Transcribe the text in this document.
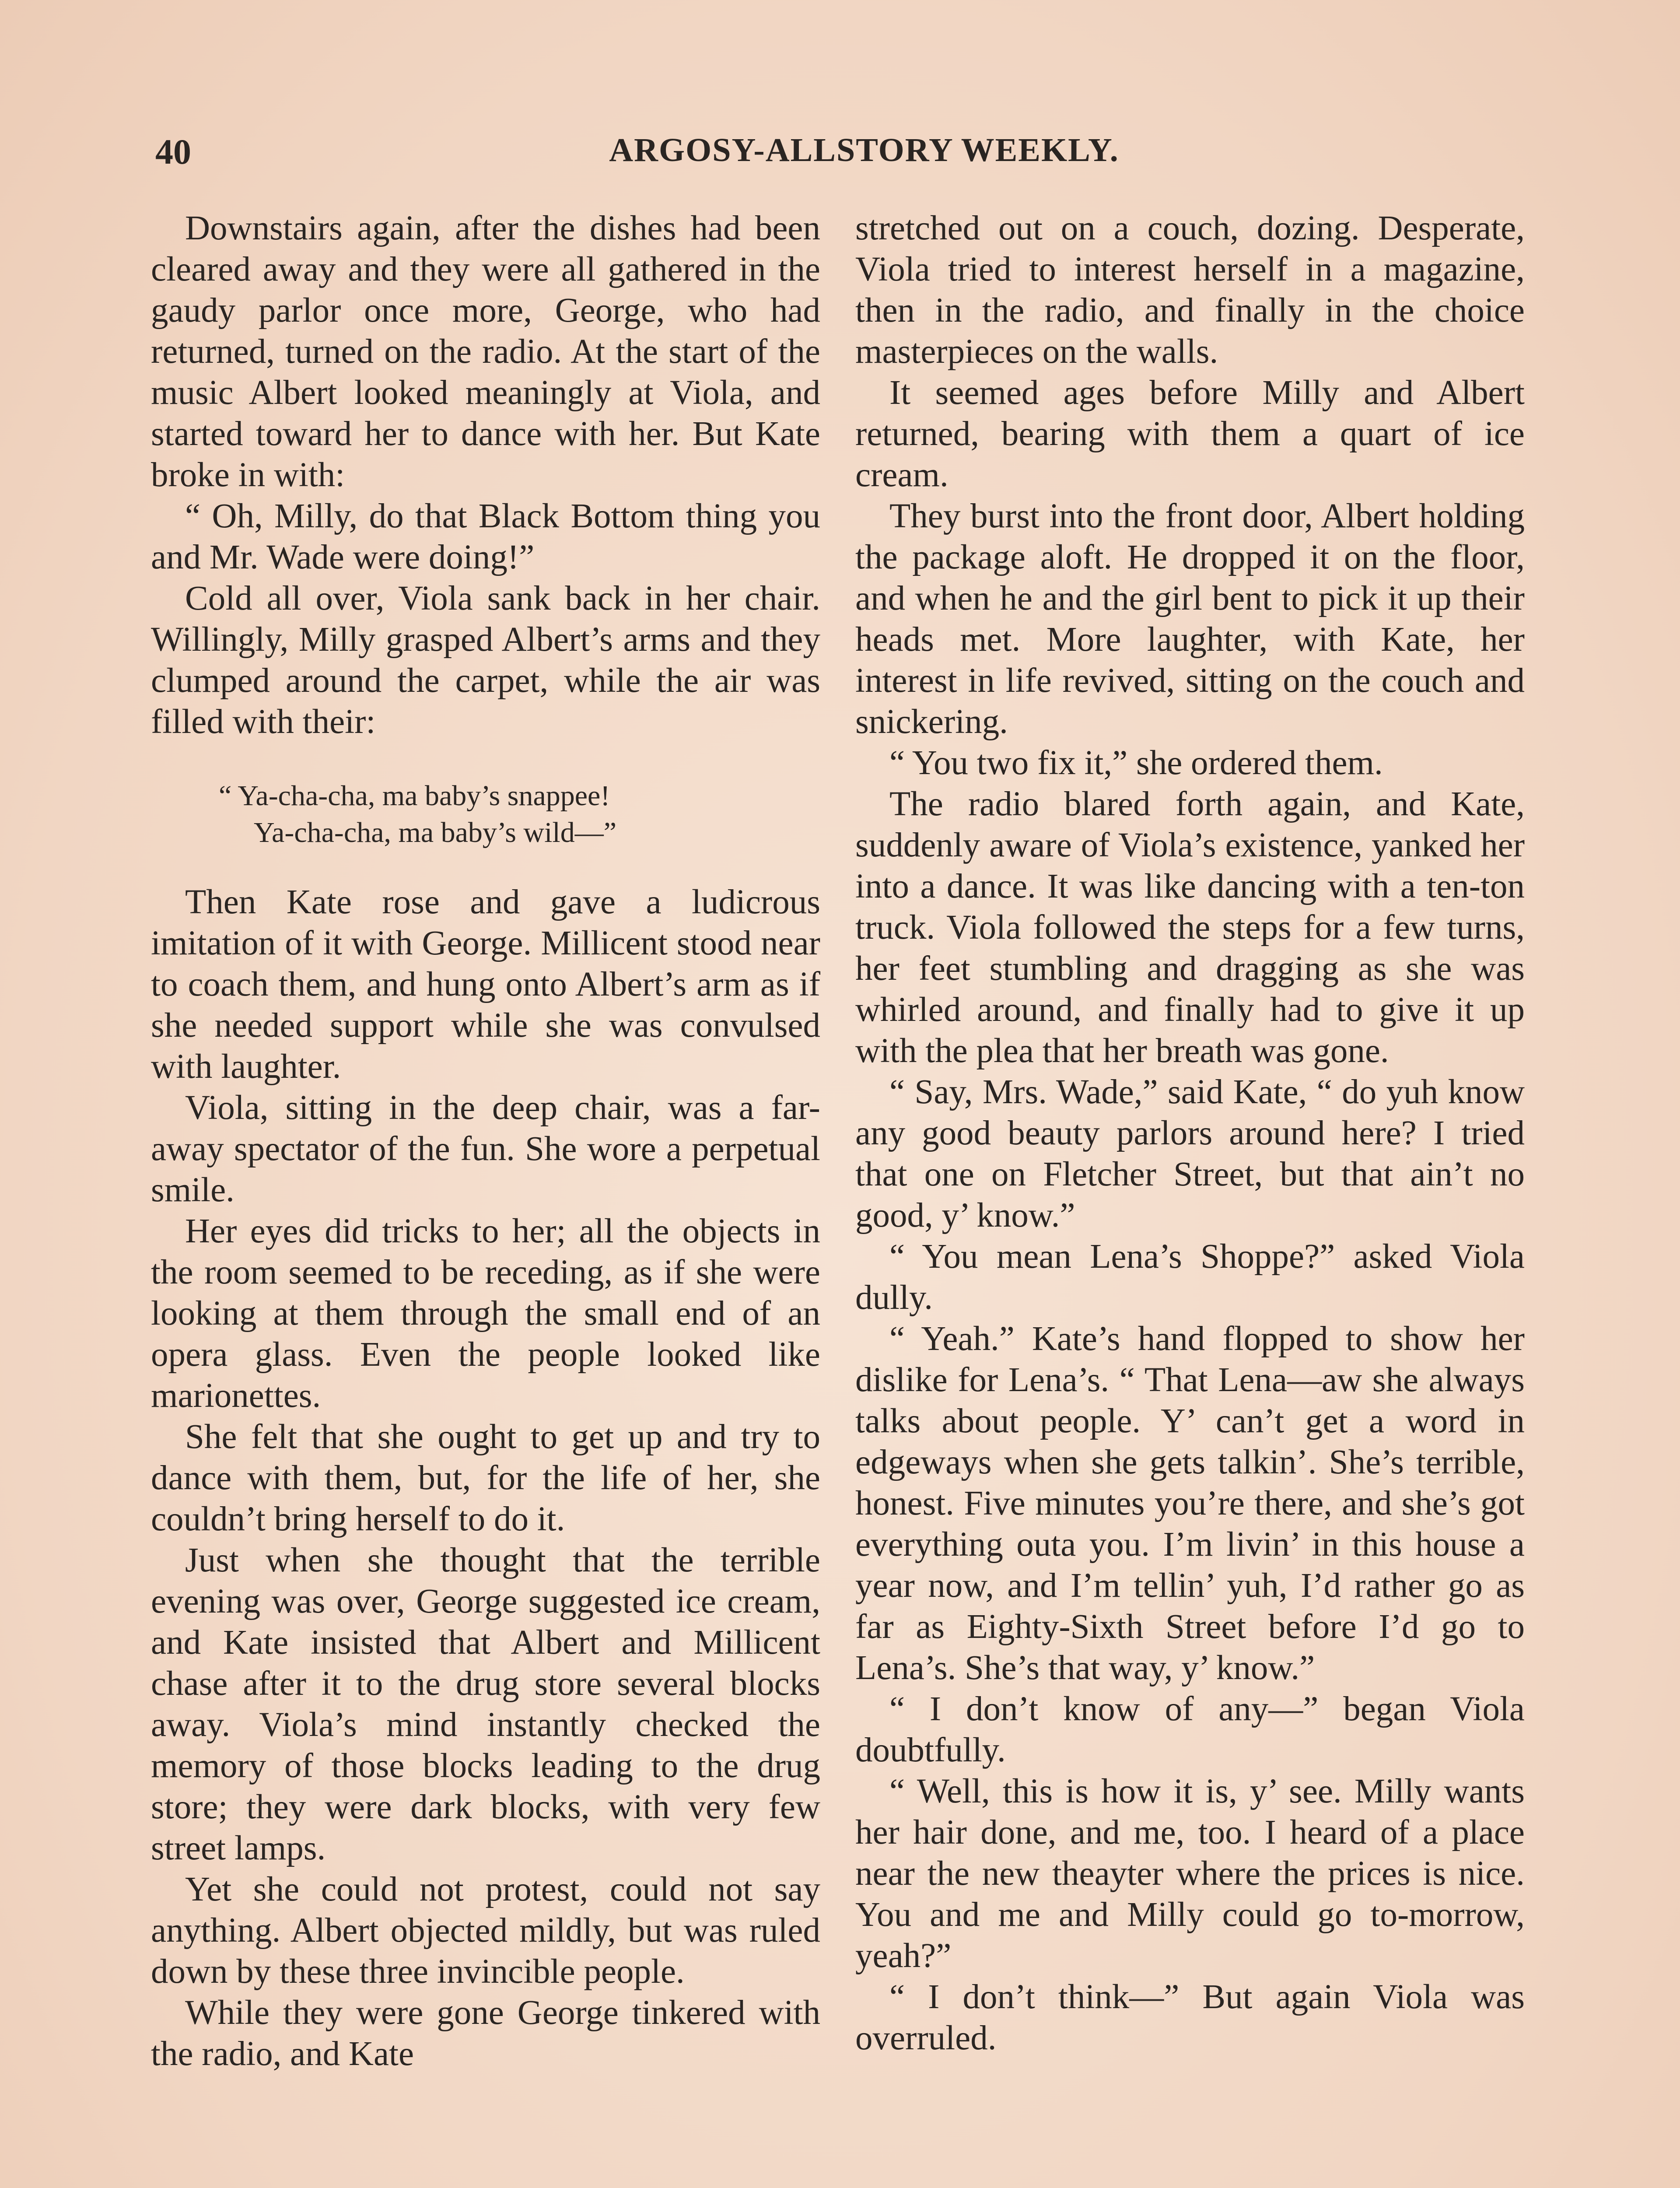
40	ARGOSY-ALLSTORY WEEKLY.

Downstairs again, after the dishes had been cleared away and they were all gathered in the gaudy parlor once more, George, who had returned, turned on the radio. At the start of the music Albert looked meaningly at Viola, and started toward her to dance with her. But Kate broke in with:

“ Oh, Milly, do that Black Bottom thing you and Mr. Wade were doing!”

Cold all over, Viola sank back in her chair. Willingly, Milly grasped Albert’s arms and they clumped around the carpet, while the air was filled with their:

“ Ya-cha-cha, ma baby’s snappee!
Ya-cha-cha, ma baby’s wild—”

Then Kate rose and gave a ludicrous imitation of it with George. Millicent stood near to coach them, and hung onto Albert’s arm as if she needed support while she was convulsed with laughter.

Viola, sitting in the deep chair, was a far-away spectator of the fun. She wore a perpetual smile.

Her eyes did tricks to her; all the objects in the room seemed to be receding, as if she were looking at them through the small end of an opera glass. Even the people looked like marionettes.

She felt that she ought to get up and try to dance with them, but, for the life of her, she couldn’t bring herself to do it.

Just when she thought that the terrible evening was over, George suggested ice cream, and Kate insisted that Albert and Millicent chase after it to the drug store several blocks away. Viola’s mind instantly checked the memory of those blocks leading to the drug store; they were dark blocks, with very few street lamps.

Yet she could not protest, could not say anything. Albert objected mildly, but was ruled down by these three invincible people.

While they were gone George tinkered with the radio, and Kate

stretched out on a couch, dozing. Desperate, Viola tried to interest herself in a magazine, then in the radio, and finally in the choice masterpieces on the walls.

It seemed ages before Milly and Albert returned, bearing with them a quart of ice cream.

They burst into the front door, Albert holding the package aloft. He dropped it on the floor, and when he and the girl bent to pick it up their heads met. More laughter, with Kate, her interest in life revived, sitting on the couch and snickering.

“ You two fix it,” she ordered them.

The radio blared forth again, and Kate, suddenly aware of Viola’s existence, yanked her into a dance. It was like dancing with a ten-ton truck. Viola followed the steps for a few turns, her feet stumbling and dragging as she was whirled around, and finally had to give it up with the plea that her breath was gone.

“ Say, Mrs. Wade,” said Kate, “ do yuh know any good beauty parlors around here? I tried that one on Fletcher Street, but that ain’t no good, y’ know.”

“ You mean Lena’s Shoppe?” asked Viola dully.

“ Yeah.” Kate’s hand flopped to show her dislike for Lena’s. “ That Lena—aw she always talks about people. Y’ can’t get a word in edgeways when she gets talkin’. She’s terrible, honest. Five minutes you’re there, and she’s got everything outa you. I’m livin’ in this house a year now, and I’m tellin’ yuh, I’d rather go as far as Eighty-Sixth Street before I’d go to Lena’s. She’s that way, y’ know.”

“ I don’t know of any—” began Viola doubtfully.

“ Well, this is how it is, y’ see. Milly wants her hair done, and me, too. I heard of a place near the new theayter where the prices is nice. You and me and Milly could go to-morrow, yeah?”

“ I don’t think—” But again Viola was overruled.
